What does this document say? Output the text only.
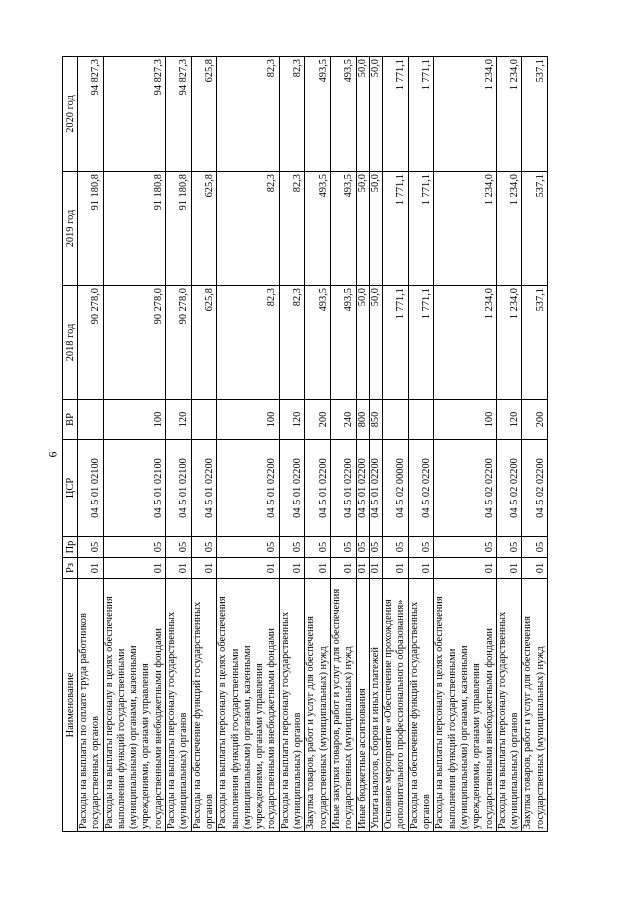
6
Наименование	Рз	Пр	ЦСР	ВР	2018 год	2019 год	2020 год
Расходы на выплаты по оплате труда работников государственных органов	01	05	04 5 01 02100		90 278,0	91 180,8	94 827,3
Расходы на выплаты персоналу в целях обеспечения выполнения функций государственными (муниципальными) органами, казенными учреждениями, органами управления государственными внебюджетными фондами	01	05	04 5 01 02100	100	90 278,0	91 180,8	94 827,3
Расходы на выплаты персоналу государственных (муниципальных) органов	01	05	04 5 01 02100	120	90 278,0	91 180,8	94 827,3
Расходы на обеспечение функций государственных органов	01	05	04 5 01 02200		625,8	625,8	625,8
Расходы на выплаты персоналу в целях обеспечения выполнения функций государственными (муниципальными) органами, казенными учреждениями, органами управления государственными внебюджетными фондами	01	05	04 5 01 02200	100	82,3	82,3	82,3
Расходы на выплаты персоналу государственных (муниципальных) органов	01	05	04 5 01 02200	120	82,3	82,3	82,3
Закупка товаров, работ и услуг для обеспечения государственных (муниципальных) нужд	01	05	04 5 01 02200	200	493,5	493,5	493,5
Иные закупки товаров, работ и услуг для обеспечения государственных (муниципальных) нужд	01	05	04 5 01 02200	240	493,5	493,5	493,5
Иные бюджетные ассигнования	01	05	04 5 01 02200	800	50,0	50,0	50,0
Уплата налогов, сборов и иных платежей	01	05	04 5 01 02200	850	50,0	50,0	50,0
Основное мероприятие «Обеспечение прохождения дополнительного профессионального образования»	01	05	04 5 02 00000		1 771,1	1 771,1	1 771,1
Расходы на обеспечение функций государственных органов	01	05	04 5 02 02200		1 771,1	1 771,1	1 771,1
Расходы на выплаты персоналу в целях обеспечения выполнения функций государственными (муниципальными) органами, казенными учреждениями, органами управления государственными внебюджетными фондами	01	05	04 5 02 02200	100	1 234,0	1 234,0	1 234,0
Расходы на выплаты персоналу государственных (муниципальных) органов	01	05	04 5 02 02200	120	1 234,0	1 234,0	1 234,0
Закупка товаров, работ и услуг для обеспечения государственных (муниципальных) нужд	01	05	04 5 02 02200	200	537,1	537,1	537,1
